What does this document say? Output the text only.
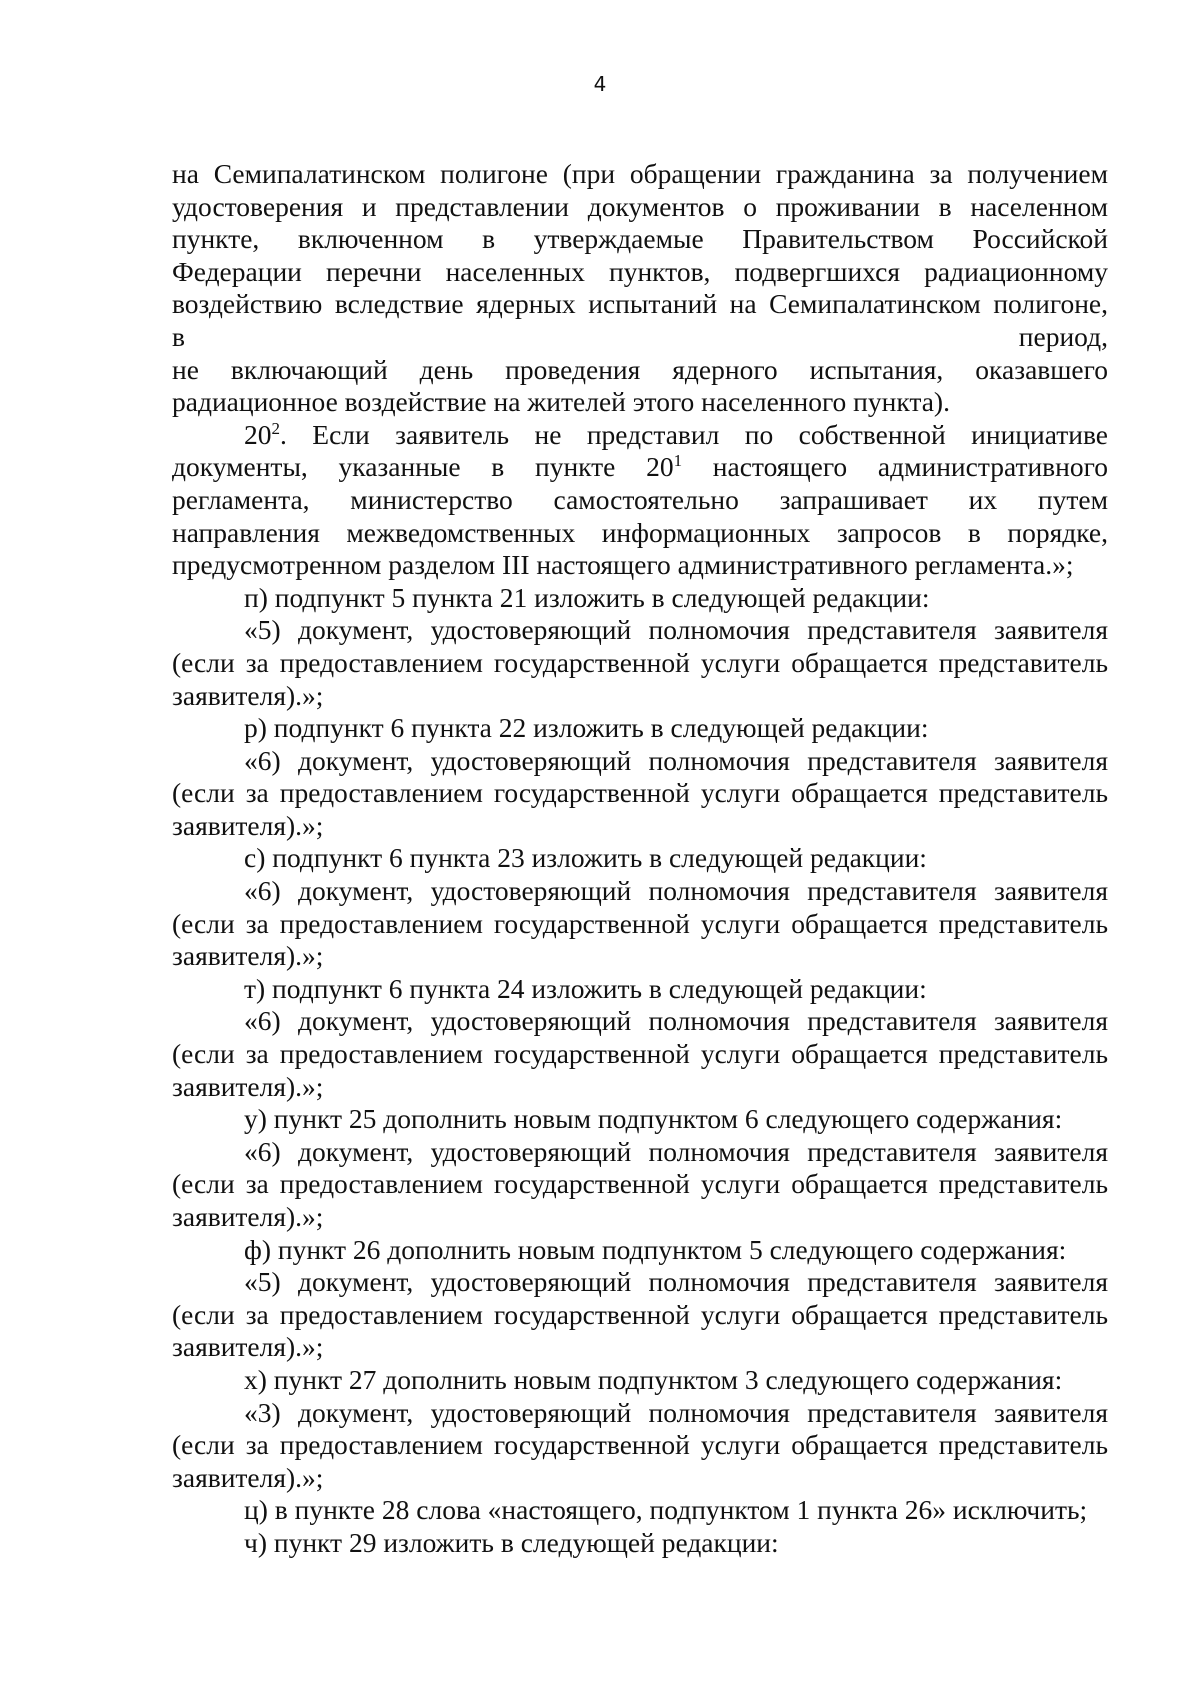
4
на Семипалатинском полигоне (при обращении гражданина за получением
удостоверения и представлении документов о проживании в населенном
пункте, включенном в утверждаемые Правительством Российской
Федерации перечни населенных пунктов, подвергшихся радиационному
воздействию вследствие ядерных испытаний на Семипалатинском полигоне,
в период,
не включающий день проведения ядерного испытания, оказавшего
радиационное воздействие на жителей этого населенного пункта).
$20^2$. Если заявитель не представил по собственной инициативе
документы, указанные в пункте $20^1$ настоящего административного
регламента, министерство самостоятельно запрашивает их путем
направления межведомственных информационных запросов в порядке,
предусмотренном разделом III настоящего административного регламента.»;
п) подпункт 5 пункта 21 изложить в следующей редакции:
«5) документ, удостоверяющий полномочия представителя заявителя
(если за предоставлением государственной услуги обращается представитель
заявителя).»;
р) подпункт 6 пункта 22 изложить в следующей редакции:
«6) документ, удостоверяющий полномочия представителя заявителя
(если за предоставлением государственной услуги обращается представитель
заявителя).»;
с) подпункт 6 пункта 23 изложить в следующей редакции:
«6) документ, удостоверяющий полномочия представителя заявителя
(если за предоставлением государственной услуги обращается представитель
заявителя).»;
т) подпункт 6 пункта 24 изложить в следующей редакции:
«6) документ, удостоверяющий полномочия представителя заявителя
(если за предоставлением государственной услуги обращается представитель
заявителя).»;
у) пункт 25 дополнить новым подпунктом 6 следующего содержания:
«6) документ, удостоверяющий полномочия представителя заявителя
(если за предоставлением государственной услуги обращается представитель
заявителя).»;
ф) пункт 26 дополнить новым подпунктом 5 следующего содержания:
«5) документ, удостоверяющий полномочия представителя заявителя
(если за предоставлением государственной услуги обращается представитель
заявителя).»;
х) пункт 27 дополнить новым подпунктом 3 следующего содержания:
«3) документ, удостоверяющий полномочия представителя заявителя
(если за предоставлением государственной услуги обращается представитель
заявителя).»;
ц) в пункте 28 слова «настоящего, подпунктом 1 пункта 26» исключить;
ч) пункт 29 изложить в следующей редакции:
